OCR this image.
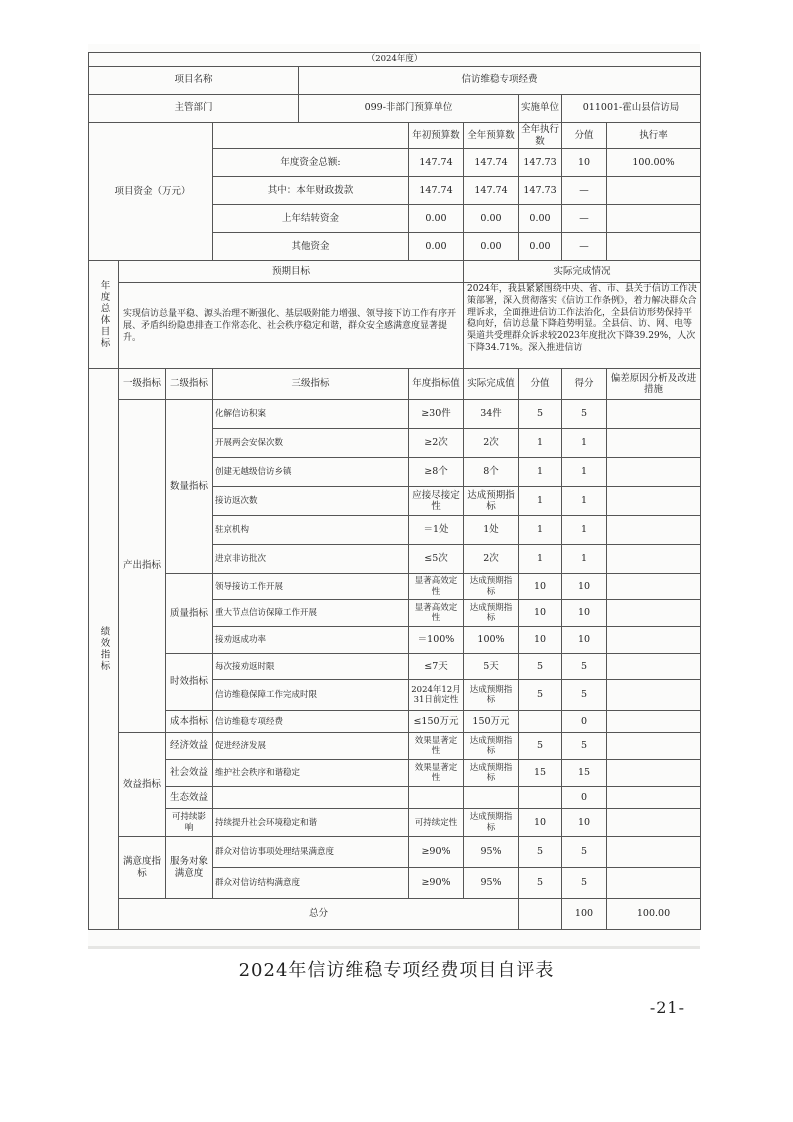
（2024年度）										
项目名称				信访维稳专项经费						
主管部门				099-非部门预算单位			实施单位	011001-霍山县信访局		
项目资金（万元）					年初预算数	全年预算数	全年执行数	分值	执行率	
			年度资金总额:		147.74	147.74	147.73	10	100.00%	
			其中：本年财政拨款		147.74	147.74	147.73	—		
			上年结转资金		0.00	0.00	0.00	—		
			其他资金		0.00	0.00	0.00	—		

年度总体目标	预期目标					实际完成情况				
	实现信访总量平稳、源头治理不断强化、基层吸附能力增强、领导接下访工作有序开展、矛盾纠纷隐患排查工作常态化、社会秩序稳定和谐，群众安全感满意度显著提升。					2024年，我县紧紧围绕中央、省、市、县关于信访工作决策部署，深入贯彻落实《信访工作条例》，着力解决群众合理诉求，全面推进信访工作法治化，全县信访形势保持平稳向好，信访总量下降趋势明显。全县信、访、网、电等渠道共受理群众诉求较2023年度批次下降39.29%，人次下降34.71%。深入推进信访				

绩效指标	一级指标	二级指标	三级指标		年度指标值	实际完成值	分值	得分	偏差原因分析及改进措施	
	产出指标	数量指标	化解信访积案		≥30件	34件	5	5		
			开展两会安保次数		≥2次	2次	1	1		
			创建无越级信访乡镇		≥8个	8个	1	1		
			接访返次数		应接尽接定性	达成预期指标	1	1		
			驻京机构		＝1处	1处	1	1		
			进京非访批次		≤5次	2次	1	1		
		质量指标	领导接访工作开展		显著高效定性	达成预期指标	10	10		
			重大节点信访保障工作开展		显著高效定性	达成预期指标	10	10		
			接劝返成功率		＝100%	100%	10	10		
		时效指标	每次接劝返时限		≤7天	5天	5	5		
			信访维稳保障工作完成时限		2024年12月31日前定性	达成预期指标	5	5		
		成本指标	信访维稳专项经费		≤150万元	150万元		0		
	效益指标	经济效益	促进经济发展		效果显著定性	达成预期指标	5	5		
		社会效益	维护社会秩序和谐稳定		效果显著定性	达成预期指标	15	15		
		生态效益						0		
		可持续影响	持续提升社会环境稳定和谐		可持续定性	达成预期指标	10	10		
	满意度指标	服务对象满意度	群众对信访事项处理结果满意度		≥90%	95%	5	5		
			群众对信访结构满意度		≥90%	95%	5	5		
	总分							100	100.00	
2024年信访维稳专项经费项目自评表
-21-
